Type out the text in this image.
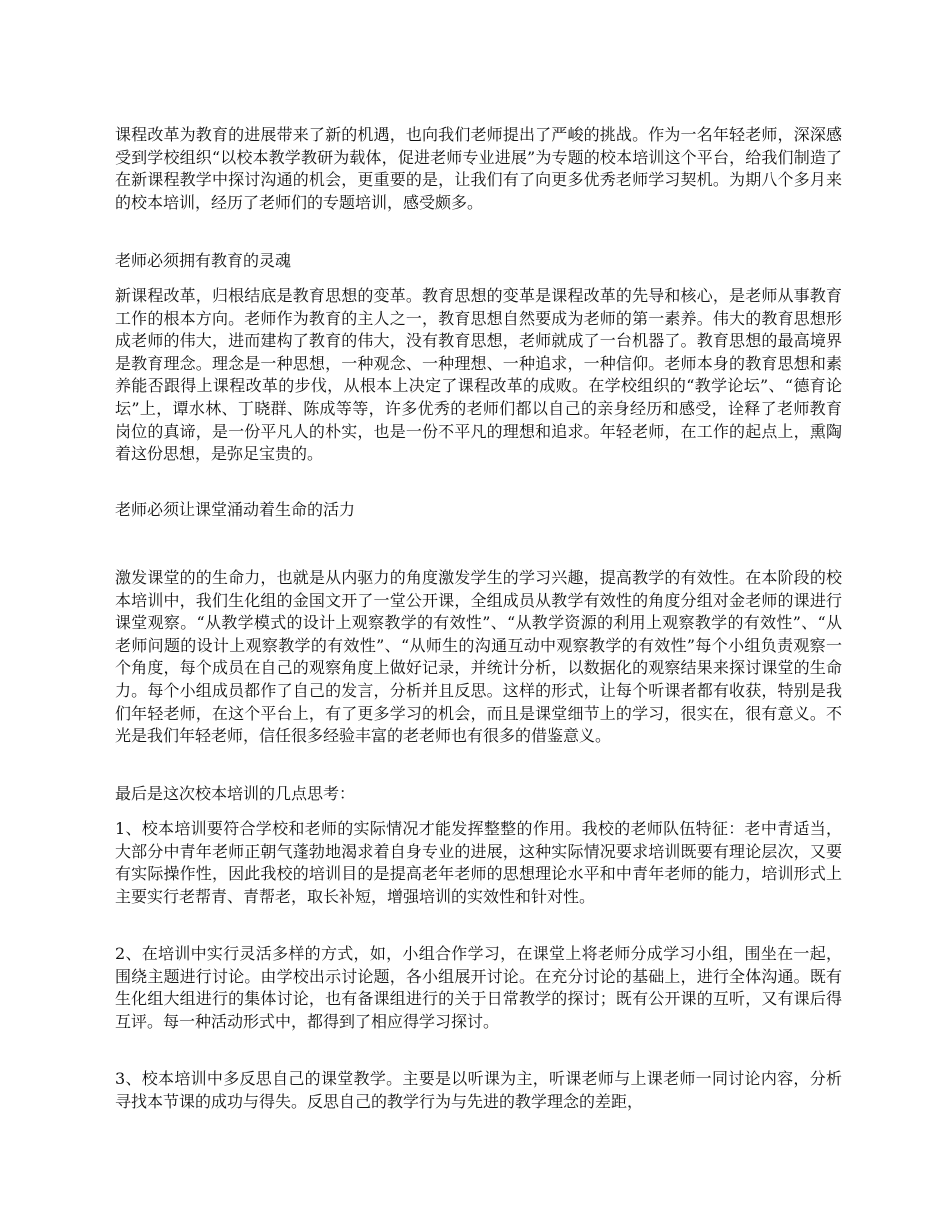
课程改革为教育的进展带来了新的机遇，也向我们老师提出了严峻的挑战。作为一名年轻老师，深深感受到学校组织“以校本教学教研为载体，促进老师专业进展”为专题的校本培训这个平台，给我们制造了在新课程教学中探讨沟通的机会，更重要的是，让我们有了向更多优秀老师学习契机。为期八个多月来的校本培训，经历了老师们的专题培训，感受颇多。

老师必须拥有教育的灵魂

新课程改革，归根结底是教育思想的变革。教育思想的变革是课程改革的先导和核心，是老师从事教育工作的根本方向。老师作为教育的主人之一，教育思想自然要成为老师的第一素养。伟大的教育思想形成老师的伟大，进而建构了教育的伟大，没有教育思想，老师就成了一台机器了。教育思想的最高境界是教育理念。理念是一种思想，一种观念、一种理想、一种追求，一种信仰。老师本身的教育思想和素养能否跟得上课程改革的步伐，从根本上决定了课程改革的成败。在学校组织的“教学论坛”、“德育论坛”上，谭水林、丁晓群、陈成等等，许多优秀的老师们都以自己的亲身经历和感受，诠释了老师教育岗位的真谛，是一份平凡人的朴实，也是一份不平凡的理想和追求。年轻老师，在工作的起点上，熏陶着这份思想，是弥足宝贵的。

老师必须让课堂涌动着生命的活力

激发课堂的的生命力，也就是从内驱力的角度激发学生的学习兴趣，提高教学的有效性。在本阶段的校本培训中，我们生化组的金国文开了一堂公开课，全组成员从教学有效性的角度分组对金老师的课进行课堂观察。“从教学模式的设计上观察教学的有效性”、“从教学资源的利用上观察教学的有效性”、“从老师问题的设计上观察教学的有效性”、“从师生的沟通互动中观察教学的有效性”每个小组负责观察一个角度，每个成员在自己的观察角度上做好记录，并统计分析，以数据化的观察结果来探讨课堂的生命力。每个小组成员都作了自己的发言，分析并且反思。这样的形式，让每个听课者都有收获，特别是我们年轻老师，在这个平台上，有了更多学习的机会，而且是课堂细节上的学习，很实在，很有意义。不光是我们年轻老师，信任很多经验丰富的老老师也有很多的借鉴意义。

最后是这次校本培训的几点思考：

1、校本培训要符合学校和老师的实际情况才能发挥整整的作用。我校的老师队伍特征：老中青适当，大部分中青年老师正朝气蓬勃地渴求着自身专业的进展，这种实际情况要求培训既要有理论层次，又要有实际操作性，因此我校的培训目的是提高老年老师的思想理论水平和中青年老师的能力，培训形式上主要实行老帮青、青帮老，取长补短，增强培训的实效性和针对性。

2、在培训中实行灵活多样的方式，如，小组合作学习，在课堂上将老师分成学习小组，围坐在一起，围绕主题进行讨论。由学校出示讨论题，各小组展开讨论。在充分讨论的基础上，进行全体沟通。既有生化组大组进行的集体讨论，也有备课组进行的关于日常教学的探讨；既有公开课的互听，又有课后得互评。每一种活动形式中，都得到了相应得学习探讨。

3、校本培训中多反思自己的课堂教学。主要是以听课为主，听课老师与上课老师一同讨论内容，分析寻找本节课的成功与得失。反思自己的教学行为与先进的教学理念的差距，
